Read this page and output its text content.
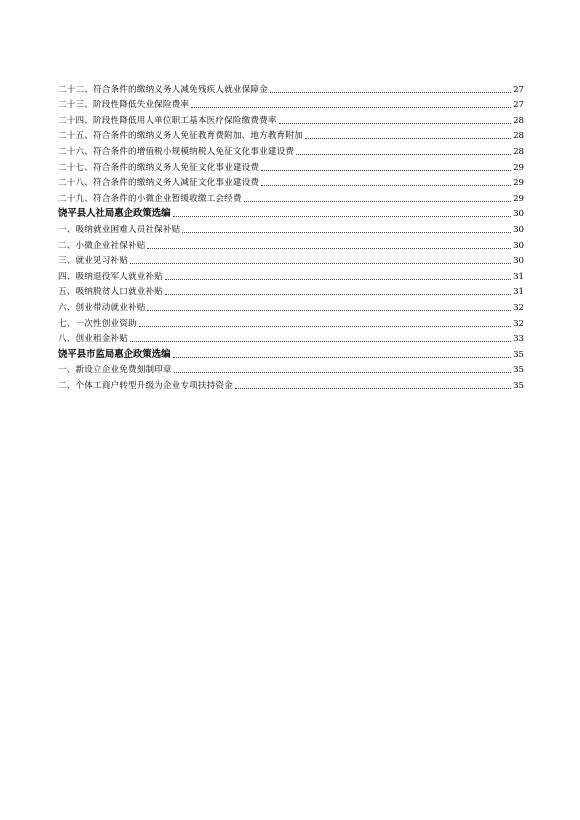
二十二、符合条件的缴纳义务人减免残疾人就业保障金	27
二十三、阶段性降低失业保险费率	27
二十四、阶段性降低用人单位职工基本医疗保险缴费费率	28
二十五、符合条件的缴纳义务人免征教育费附加、地方教育附加	28
二十六、符合条件的增值税小规模纳税人免征文化事业建设费	28
二十七、符合条件的缴纳义务人免征文化事业建设费	29
二十八、符合条件的缴纳义务人减征文化事业建设费	29
二十九、符合条件的小微企业暂缓收缴工会经费	29
饶平县人社局惠企政策选编	30
一、吸纳就业困难人员社保补贴	30
二、小微企业社保补贴	30
三、就业见习补贴	30
四、吸纳退役军人就业补贴	31
五、吸纳脱贫人口就业补贴	31
六、创业带动就业补贴	32
七、一次性创业资助	32
八、创业租金补贴	33
饶平县市监局惠企政策选编	35
一、新设立企业免费刻制印章	35
二、个体工商户转型升级为企业专项扶持资金	35
